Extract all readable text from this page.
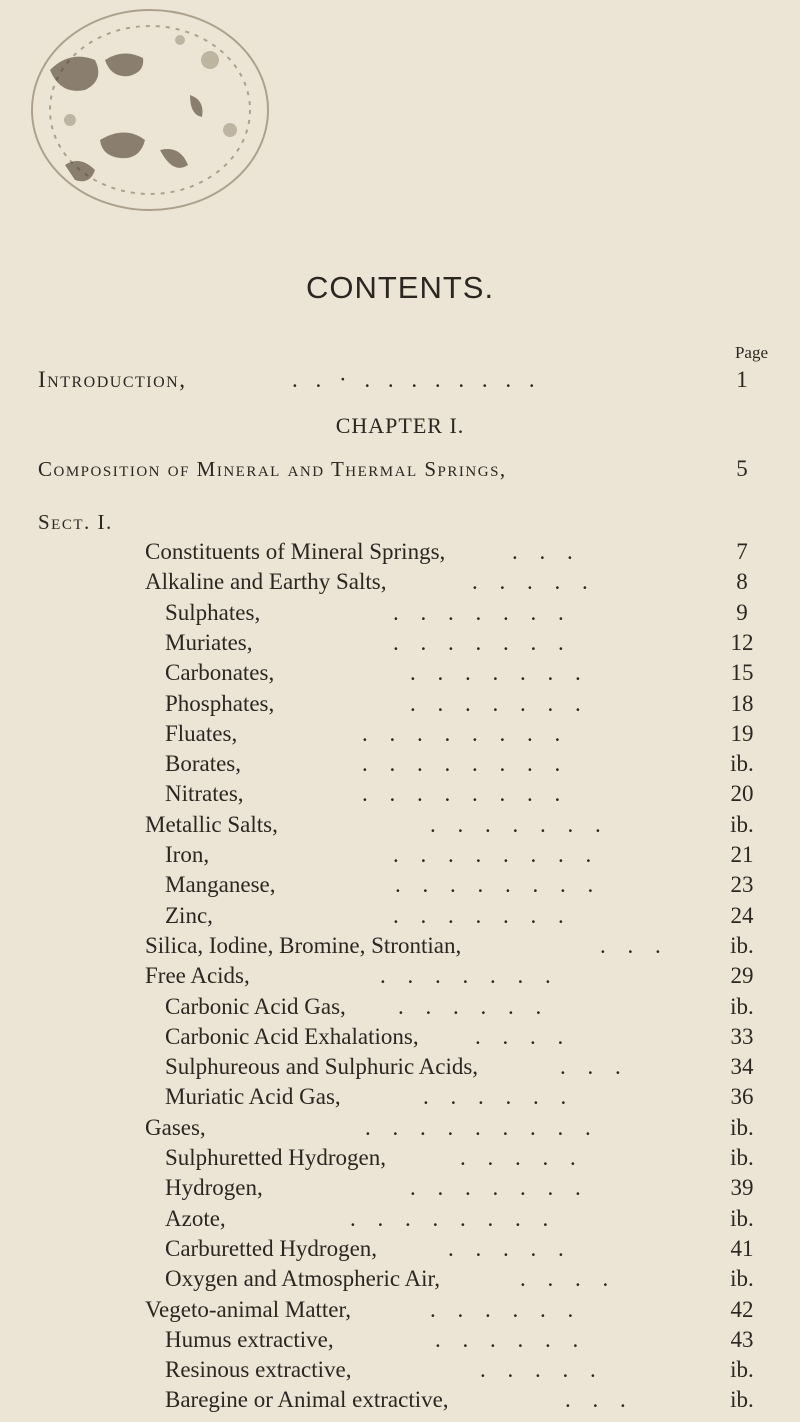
CONTENTS.
Page
Introduction,	. . · . . . . . . . .	1
CHAPTER I.
Composition of Mineral and Thermal Springs,	5
Sect. I.
Constituents of Mineral Springs,	. . .	7
Alkaline and Earthy Salts,	. . . . .	8
Sulphates,	. . . . . . .	9
Muriates,	. . . . . . .	12
Carbonates,	. . . . . . .	15
Phosphates,	. . . . . . .	18
Fluates,	. . . . . . . .	19
Borates,	. . . . . . . .	ib.
Nitrates,	. . . . . . . .	20
Metallic Salts,	. . . . . . .	ib.
Iron,	. . . . . . . .	21
Manganese,	. . . . . . . .	23
Zinc,	. . . . . . .	24
Silica, Iodine, Bromine, Strontian,	. . .	ib.
Free Acids,	. . . . . . .	29
Carbonic Acid Gas, . . . . . .	ib.
Carbonic Acid Exhalations, . . . .	33
Sulphureous and Sulphuric Acids,	. . .	34
Muriatic Acid Gas,	. . . . . .	36
Gases,	. . . . . . . . .	ib.
Sulphuretted Hydrogen,	. . . . .	ib.
Hydrogen,	. . . . . . .	39
Azote,	. . . . . . . .	ib.
Carburetted Hydrogen,	. . . . .	41
Oxygen and Atmospheric Air,	. . . .	ib.
Vegeto-animal Matter,	. . . . . .	42
Humus extractive,	. . . . . .	43
Resinous extractive,	. . . . .	ib.
Baregine or Animal extractive,	. . .	ib.
